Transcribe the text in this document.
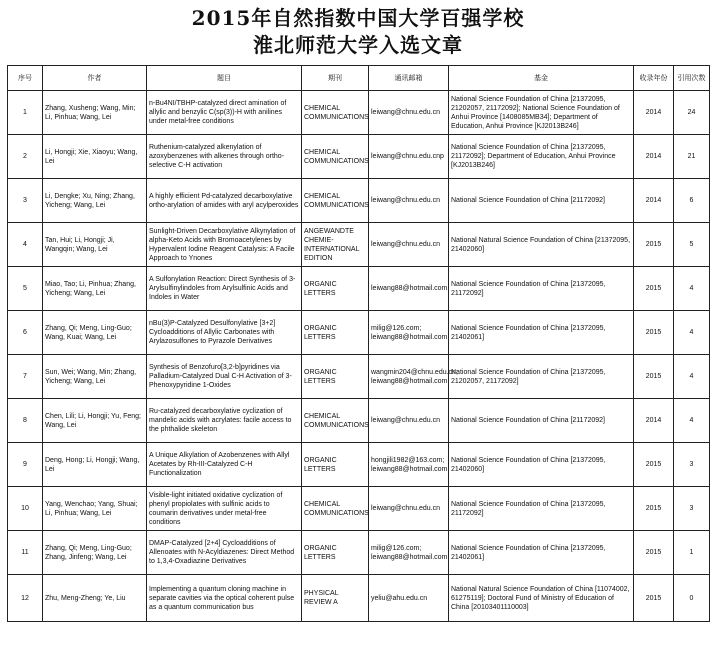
2015年自然指数中国大学百强学校
淮北师范大学入选文章
序号	作者	题目	期刊	通讯邮箱	基金	收录年份	引用次数
1	Zhang, Xusheng; Wang, Min; Li, Pinhua; Wang, Lei	n-Bu4NI/TBHP-catalyzed direct amination of allylic and benzylic C(sp(3))-H with anilines under metal-free conditions	CHEMICAL COMMUNICATIONS	leiwang@chnu.edu.cn	National Science Foundation of China [21372095, 21202057, 21172092]; National Science Foundation of Anhui Province [1408085MB34]; Department of Education, Anhui Province [KJ2013B246]	2014	24
2	Li, Hongji; Xie, Xiaoyu; Wang, Lei	Ruthenium-catalyzed alkenylation of azoxybenzenes with alkenes through ortho-selective C-H activation	CHEMICAL COMMUNICATIONS	leiwang@chnu.edu.cnp	National Science Foundation of China [21372095, 21172092]; Department of Education, Anhui Province [KJ2013B246]	2014	21
3	Li, Dengke; Xu, Ning; Zhang, Yicheng; Wang, Lei	A highly efficient Pd-catalyzed decarboxylative ortho-arylation of amides with aryl acylperoxides	CHEMICAL COMMUNICATIONS	leiwang@chnu.edu.cn	National Science Foundation of China [21172092]	2014	6
4	Tan, Hui; Li, Hongji; Ji, Wangqin; Wang, Lei	Sunlight-Driven Decarboxylative Alkynylation of alpha-Keto Acids with Bromoacetylenes by Hypervalent Iodine Reagent Catalysis: A Facile Approach to Ynones	ANGEWANDTE CHEMIE-INTERNATIONAL EDITION	leiwang@chnu.edu.cn	National Natural Science Foundation of China [21372095, 21402060]	2015	5
5	Miao, Tao; Li, Pinhua; Zhang, Yicheng; Wang, Lei	A Sulfonylation Reaction: Direct Synthesis of 3-Arylsulfinylindoles from Arylsulfinic Acids and Indoles in Water	ORGANIC LETTERS	leiwang88@hotmail.com	National Science Foundation of China [21372095, 21172092]	2015	4
6	Zhang, Qi; Meng, Ling-Guo; Wang, Kuai; Wang, Lei	nBu(3)P-Catalyzed Desulfonylative [3+2] Cycloadditions of Allylic Carbonates with Arylazosulfones to Pyrazole Derivatives	ORGANIC LETTERS	milig@126.com; leiwang88@hotmail.com	National Science Foundation of China [21372095, 21402061]	2015	4
7	Sun, Wei; Wang, Min; Zhang, Yicheng; Wang, Lei	Synthesis of Benzofuro[3,2-b]pyridines via Palladium-Catalyzed Dual C-H Activation of 3-Phenoxypyridine 1-Oxides	ORGANIC LETTERS	wangmin204@chnu.edu.cn; leiwang88@hotmail.com	National Science Foundation of China [21372095, 21202057, 21172092]	2015	4
8	Chen, Lili; Li, Hongji; Yu, Feng; Wang, Lei	Ru-catalyzed decarboxylative cyclization of mandelic acids with acrylates: facile access to the phthalide skeleton	CHEMICAL COMMUNICATIONS	leiwang@chnu.edu.cn	National Science Foundation of China [21172092]	2014	4
9	Deng, Hong; Li, Hongji; Wang, Lei	A Unique Alkylation of Azobenzenes with Allyl Acetates by Rh-III-Catalyzed C-H Functionalization	ORGANIC LETTERS	hongjili1982@163.com; leiwang88@hotmail.com	National Science Foundation of China [21372095, 21402060]	2015	3
10	Yang, Wenchao; Yang, Shuai; Li, Pinhua; Wang, Lei	Visible-light initiated oxidative cyclization of phenyl propiolates with sulfinic acids to coumarin derivatives under metal-free conditions	CHEMICAL COMMUNICATIONS	leiwang@chnu.edu.cn	National Science Foundation of China [21372095, 21172092]	2015	3
11	Zhang, Qi; Meng, Ling-Guo; Zhang, Jinfeng; Wang, Lei	DMAP-Catalyzed [2+4] Cycloadditions of Allenoates with N-Acyldiazenes: Direct Method to 1,3,4-Oxadiazine Derivatives	ORGANIC LETTERS	milig@126.com; leiwang88@hotmail.com	National Science Foundation of China [21372095, 21402061]	2015	1
12	Zhu, Meng-Zheng; Ye, Liu	Implementing a quantum cloning machine in separate cavities via the optical coherent pulse as a quantum communication bus	PHYSICAL REVIEW A	yeliu@ahu.edu.cn	National Natural Science Foundation of China [11074002, 61275119]; Doctoral Fund of Ministry of Education of China [20103401110003]	2015	0
